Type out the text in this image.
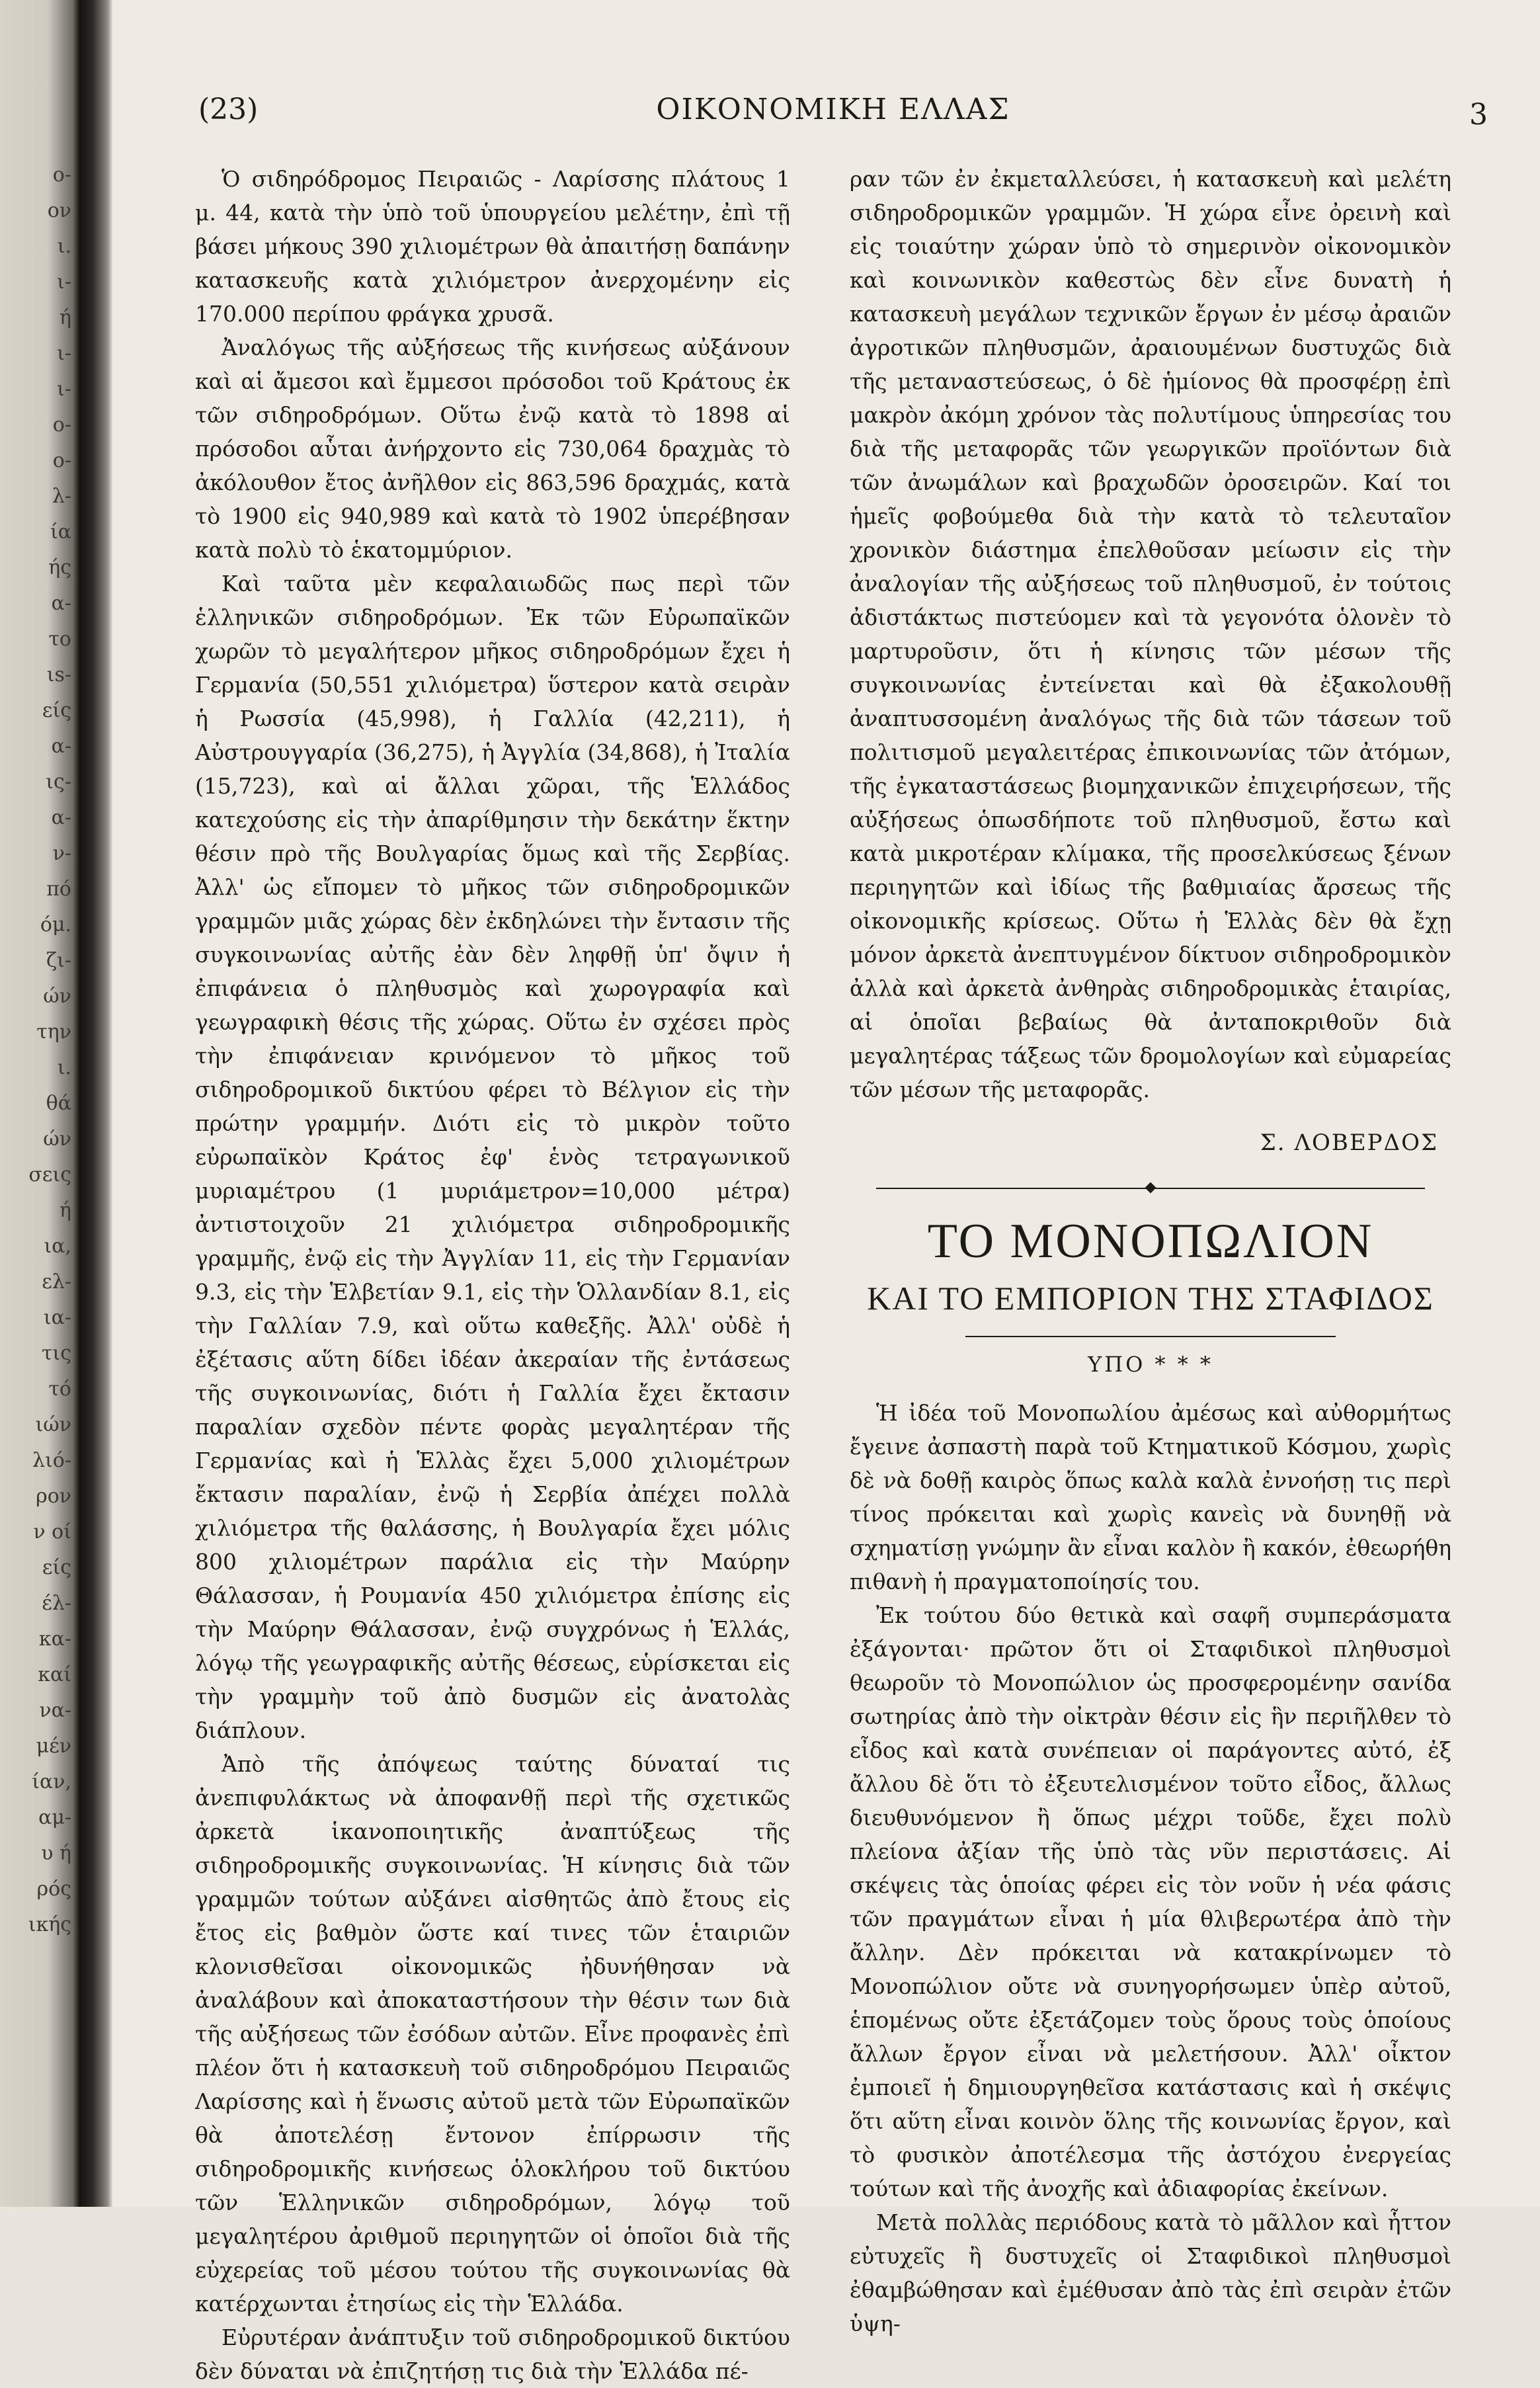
ο-
ον
ι.
ι-
ή
ι-
ι-
ο-
ο-
λ-
ία
ής
α-
το
ιs-
είς
α-
ις-
α-
ν-
πό
όμ.
ζι-
ών
την
ι.
θά
ών
σεις
ή
ια,
ελ-
ια-
τις
τό
ιών
λιό-
ρον
ν οί
είς
έλ-
κα-
καί
να-
μέν
ίαν,
αμ-
υ ή
ρός
ικής
(23)	ΟΙΚΟΝΟΜΙΚΗ ΕΛΛΑΣ	3

Ὁ σιδηρόδρομος Πειραιῶς - Λαρίσσης πλάτους 1 μ. 44, κατὰ τὴν ὑπὸ τοῦ ὑπουργείου μελέτην, ἐπὶ τῇ βάσει μήκους 390 χιλιομέτρων θὰ ἀπαιτήσῃ δαπάνην κατασκευῆς κατὰ χιλιόμετρον ἀνερχομένην εἰς 170.000 περίπου φράγκα χρυσᾶ.

Ἀναλόγως τῆς αὐξήσεως τῆς κινήσεως αὐξάνουν καὶ αἱ ἄμεσοι καὶ ἔμμεσοι πρόσοδοι τοῦ Κράτους ἐκ τῶν σιδηροδρόμων. Οὕτω ἐνῷ κατὰ τὸ 1898 αἱ πρόσοδοι αὗται ἀνήρχοντο εἰς 730,064 δραχμὰς τὸ ἀκόλουθον ἔτος ἀνῆλθον εἰς 863,596 δραχμάς, κατὰ τὸ 1900 εἰς 940,989 καὶ κατὰ τὸ 1902 ὑπερέβησαν κατὰ πολὺ τὸ ἑκατομμύριον.

Καὶ ταῦτα μὲν κεφαλαιωδῶς πως περὶ τῶν ἑλληνικῶν σιδηροδρόμων. Ἐκ τῶν Εὐρωπαϊκῶν χωρῶν τὸ μεγαλήτερον μῆκος σιδηροδρόμων ἔχει ἡ Γερμανία (50,551 χιλιόμετρα) ὕστερον κατὰ σειρὰν ἡ Ρωσσία (45,998), ἡ Γαλλία (42,211), ἡ Αὐστρουγγαρία (36,275), ἡ Ἀγγλία (34,868), ἡ Ἰταλία (15,723), καὶ αἱ ἄλλαι χῶραι, τῆς Ἑλλάδος κατεχούσης εἰς τὴν ἀπαρίθμησιν τὴν δεκάτην ἕκτην θέσιν πρὸ τῆς Βουλγαρίας ὅμως καὶ τῆς Σερβίας. Ἀλλ' ὡς εἴπομεν τὸ μῆκος τῶν σιδηροδρομικῶν γραμμῶν μιᾶς χώρας δὲν ἐκδηλώνει τὴν ἔντασιν τῆς συγκοινωνίας αὐτῆς ἐὰν δὲν ληφθῇ ὑπ' ὄψιν ἡ ἐπιφάνεια ὁ πληθυσμὸς καὶ χωρογραφία καὶ γεωγραφικὴ θέσις τῆς χώρας. Οὕτω ἐν σχέσει πρὸς τὴν ἐπιφάνειαν κρινόμενον τὸ μῆκος τοῦ σιδηροδρομικοῦ δικτύου φέρει τὸ Βέλγιον εἰς τὴν πρώτην γραμμήν. Διότι εἰς τὸ μικρὸν τοῦτο εὐρωπαϊκὸν Κράτος ἐφ' ἑνὸς τετραγωνικοῦ μυριαμέτρου (1 μυριάμετρον=10,000 μέτρα) ἀντιστοιχοῦν 21 χιλιόμετρα σιδηροδρομικῆς γραμμῆς, ἐνῷ εἰς τὴν Ἀγγλίαν 11, εἰς τὴν Γερμανίαν 9.3, εἰς τὴν Ἑλβετίαν 9.1, εἰς τὴν Ὁλλανδίαν 8.1, εἰς τὴν Γαλλίαν 7.9, καὶ οὕτω καθεξῆς. Ἀλλ' οὐδὲ ἡ ἐξέτασις αὕτη δίδει ἰδέαν ἀκεραίαν τῆς ἐντάσεως τῆς συγκοινωνίας, διότι ἡ Γαλλία ἔχει ἔκτασιν παραλίαν σχεδὸν πέντε φορὰς μεγαλητέραν τῆς Γερμανίας καὶ ἡ Ἑλλὰς ἔχει 5,000 χιλιομέτρων ἔκτασιν παραλίαν, ἐνῷ ἡ Σερβία ἀπέχει πολλὰ χιλιόμετρα τῆς θαλάσσης, ἡ Βουλγαρία ἔχει μόλις 800 χιλιομέτρων παράλια εἰς τὴν Μαύρην Θάλασσαν, ἡ Ρουμανία 450 χιλιόμετρα ἐπίσης εἰς τὴν Μαύρην Θάλασσαν, ἐνῷ συγχρόνως ἡ Ἑλλάς, λόγῳ τῆς γεωγραφικῆς αὐτῆς θέσεως, εὑρίσκεται εἰς τὴν γραμμὴν τοῦ ἀπὸ δυσμῶν εἰς ἀνατολὰς διάπλουν.

Ἀπὸ τῆς ἀπόψεως ταύτης δύναταί τις ἀνεπιφυλάκτως νὰ ἀποφανθῇ περὶ τῆς σχετικῶς ἀρκετὰ ἱκανοποιητικῆς ἀναπτύξεως τῆς σιδηροδρομικῆς συγκοινωνίας. Ἡ κίνησις διὰ τῶν γραμμῶν τούτων αὐξάνει αἰσθητῶς ἀπὸ ἔτους εἰς ἔτος εἰς βαθμὸν ὥστε καί τινες τῶν ἑταιριῶν κλονισθεῖσαι οἰκονομικῶς ἠδυνήθησαν νὰ ἀναλάβουν καὶ ἀποκαταστήσουν τὴν θέσιν των διὰ τῆς αὐξήσεως τῶν ἐσόδων αὐτῶν. Εἶνε προφανὲς ἐπὶ πλέον ὅτι ἡ κατασκευὴ τοῦ σιδηροδρόμου Πειραιῶς Λαρίσσης καὶ ἡ ἕνωσις αὐτοῦ μετὰ τῶν Εὐρωπαϊκῶν θὰ ἀποτελέσῃ ἔντονον ἐπίρρωσιν τῆς σιδηροδρομικῆς κινήσεως ὁλοκλήρου τοῦ δικτύου τῶν Ἑλληνικῶν σιδηροδρόμων, λόγῳ τοῦ μεγαλητέρου ἀριθμοῦ περιηγητῶν οἱ ὁποῖοι διὰ τῆς εὐχερείας τοῦ μέσου τούτου τῆς συγκοινωνίας θὰ κατέρχωνται ἐτησίως εἰς τὴν Ἑλλάδα.

Εὐρυτέραν ἀνάπτυξιν τοῦ σιδηροδρομικοῦ δικτύου δὲν δύναται νὰ ἐπιζητήσῃ τις διὰ τὴν Ἑλλάδα πέ-

ραν τῶν ἐν ἐκμεταλλεύσει, ἡ κατασκευὴ καὶ μελέτη σιδηροδρομικῶν γραμμῶν. Ἡ χώρα εἶνε ὀρεινὴ καὶ εἰς τοιαύτην χώραν ὑπὸ τὸ σημερινὸν οἰκονομικὸν καὶ κοινωνικὸν καθεστὼς δὲν εἶνε δυνατὴ ἡ κατασκευὴ μεγάλων τεχνικῶν ἔργων ἐν μέσῳ ἀραιῶν ἀγροτικῶν πληθυσμῶν, ἀραιουμένων δυστυχῶς διὰ τῆς μεταναστεύσεως, ὁ δὲ ἡμίονος θὰ προσφέρῃ ἐπὶ μακρὸν ἀκόμη χρόνον τὰς πολυτίμους ὑπηρεσίας του διὰ τῆς μεταφορᾶς τῶν γεωργικῶν προϊόντων διὰ τῶν ἀνωμάλων καὶ βραχωδῶν ὀροσειρῶν. Καί τοι ἡμεῖς φοβούμεθα διὰ τὴν κατὰ τὸ τελευταῖον χρονικὸν διάστημα ἐπελθοῦσαν μείωσιν εἰς τὴν ἀναλογίαν τῆς αὐξήσεως τοῦ πληθυσμοῦ, ἐν τούτοις ἀδιστάκτως πιστεύομεν καὶ τὰ γεγονότα ὁλονὲν τὸ μαρτυροῦσιν, ὅτι ἡ κίνησις τῶν μέσων τῆς συγκοινωνίας ἐντείνεται καὶ θὰ ἐξακολουθῇ ἀναπτυσσομένη ἀναλόγως τῆς διὰ τῶν τάσεων τοῦ πολιτισμοῦ μεγαλειτέρας ἐπικοινωνίας τῶν ἀτόμων, τῆς ἐγκαταστάσεως βιομηχανικῶν ἐπιχειρήσεων, τῆς αὐξήσεως ὁπωσδήποτε τοῦ πληθυσμοῦ, ἔστω καὶ κατὰ μικροτέραν κλίμακα, τῆς προσελκύσεως ξένων περιηγητῶν καὶ ἰδίως τῆς βαθμιαίας ἄρσεως τῆς οἰκονομικῆς κρίσεως. Οὕτω ἡ Ἑλλὰς δὲν θὰ ἔχῃ μόνον ἀρκετὰ ἀνεπτυγμένον δίκτυον σιδηροδρομικὸν ἀλλὰ καὶ ἀρκετὰ ἀνθηρὰς σιδηροδρομικὰς ἑταιρίας, αἱ ὁποῖαι βεβαίως θὰ ἀνταποκριθοῦν διὰ μεγαλητέρας τάξεως τῶν δρομολογίων καὶ εὐμαρείας τῶν μέσων τῆς μεταφορᾶς.

Σ. ΛΟΒΕΡΔΟΣ
ΤΟ ΜΟΝΟΠΩΛΙΟΝ
ΚΑΙ ΤΟ ΕΜΠΟΡΙΟΝ ΤΗΣ ΣΤΑΦΙΔΟΣ
ΥΠΟ * * *

Ἡ ἰδέα τοῦ Μονοπωλίου ἀμέσως καὶ αὐθορμήτως ἔγεινε ἀσπαστὴ παρὰ τοῦ Κτηματικοῦ Κόσμου, χωρὶς δὲ νὰ δοθῇ καιρὸς ὅπως καλὰ καλὰ ἐννοήσῃ τις περὶ τίνος πρόκειται καὶ χωρὶς κανεὶς νὰ δυνηθῇ νὰ σχηματίσῃ γνώμην ἂν εἶναι καλὸν ἢ κακόν, ἐθεωρήθη πιθανὴ ἡ πραγματοποίησίς του.

Ἐκ τούτου δύο θετικὰ καὶ σαφῆ συμπεράσματα ἐξάγονται· πρῶτον ὅτι οἱ Σταφιδικοὶ πληθυσμοὶ θεωροῦν τὸ Μονοπώλιον ὡς προσφερομένην σανίδα σωτηρίας ἀπὸ τὴν οἰκτρὰν θέσιν εἰς ἣν περιῆλθεν τὸ εἶδος καὶ κατὰ συνέπειαν οἱ παράγοντες αὐτό, ἐξ ἄλλου δὲ ὅτι τὸ ἐξευτελισμένον τοῦτο εἶδος, ἄλλως διευθυνόμενον ἢ ὅπως μέχρι τοῦδε, ἔχει πολὺ πλείονα ἀξίαν τῆς ὑπὸ τὰς νῦν περιστάσεις. Αἱ σκέψεις τὰς ὁποίας φέρει εἰς τὸν νοῦν ἡ νέα φάσις τῶν πραγμάτων εἶναι ἡ μία θλιβερωτέρα ἀπὸ τὴν ἄλλην. Δὲν πρόκειται νὰ κατακρίνωμεν τὸ Μονοπώλιον οὔτε νὰ συνηγορήσωμεν ὑπὲρ αὐτοῦ, ἑπομένως οὔτε ἐξετάζομεν τοὺς ὅρους τοὺς ὁποίους ἄλλων ἔργον εἶναι νὰ μελετήσουν. Ἀλλ' οἶκτον ἐμποιεῖ ἡ δημιουργηθεῖσα κατάστασις καὶ ἡ σκέψις ὅτι αὕτη εἶναι κοινὸν ὅλης τῆς κοινωνίας ἔργον, καὶ τὸ φυσικὸν ἀποτέλεσμα τῆς ἀστόχου ἐνεργείας τούτων καὶ τῆς ἀνοχῆς καὶ ἀδιαφορίας ἐκείνων.

Μετὰ πολλὰς περιόδους κατὰ τὸ μᾶλλον καὶ ἧττον εὐτυχεῖς ἢ δυστυχεῖς οἱ Σταφιδικοὶ πληθυσμοὶ ἐθαμβώθησαν καὶ ἐμέθυσαν ἀπὸ τὰς ἐπὶ σειρὰν ἐτῶν ὑψη-
